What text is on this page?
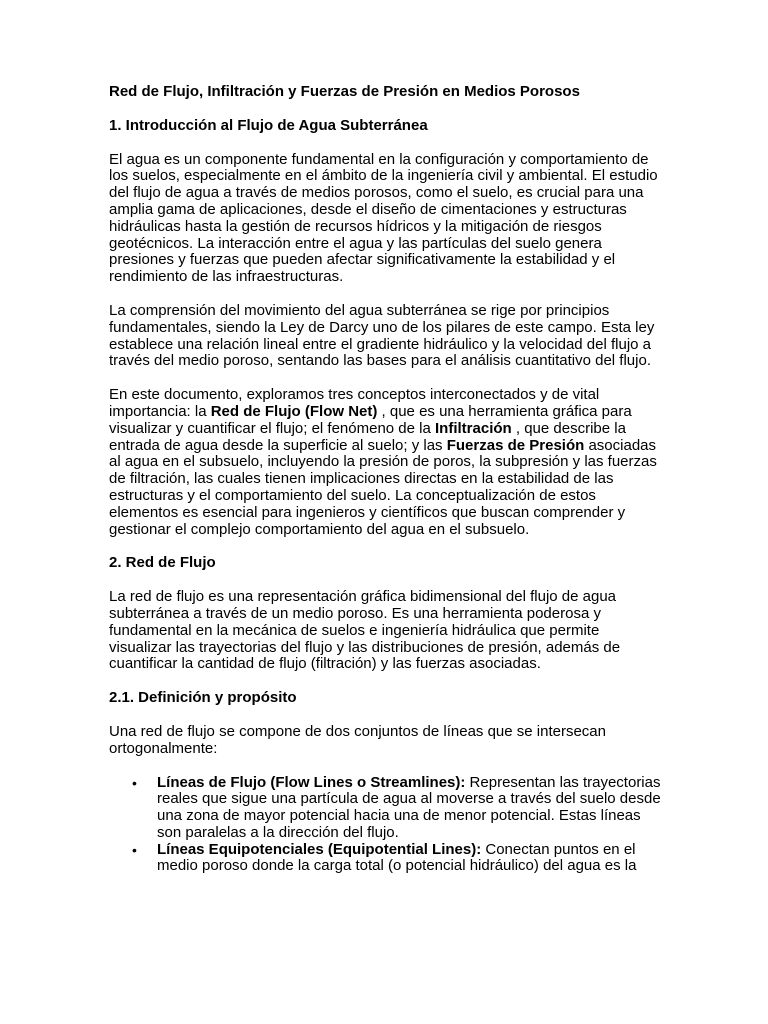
Red de Flujo, Infiltración y Fuerzas de Presión en Medios Porosos
1. Introducción al Flujo de Agua Subterránea

El agua es un componente fundamental en la configuración y comportamiento de los suelos, especialmente en el ámbito de la ingeniería civil y ambiental. El estudio del flujo de agua a través de medios porosos, como el suelo, es crucial para una amplia gama de aplicaciones, desde el diseño de cimentaciones y estructuras hidráulicas hasta la gestión de recursos hídricos y la mitigación de riesgos geotécnicos. La interacción entre el agua y las partículas del suelo genera presiones y fuerzas que pueden afectar significativamente la estabilidad y el rendimiento de las infraestructuras.

La comprensión del movimiento del agua subterránea se rige por principios fundamentales, siendo la Ley de Darcy uno de los pilares de este campo. Esta ley establece una relación lineal entre el gradiente hidráulico y la velocidad del flujo a través del medio poroso, sentando las bases para el análisis cuantitativo del flujo.

En este documento, exploramos tres conceptos interconectados y de vital importancia: la Red de Flujo (Flow Net) , que es una herramienta gráfica para visualizar y cuantificar el flujo; el fenómeno de la Infiltración , que describe la entrada de agua desde la superficie al suelo; y las Fuerzas de Presión asociadas al agua en el subsuelo, incluyendo la presión de poros, la subpresión y las fuerzas de filtración, las cuales tienen implicaciones directas en la estabilidad de las estructuras y el comportamiento del suelo. La conceptualización de estos elementos es esencial para ingenieros y científicos que buscan comprender y gestionar el complejo comportamiento del agua en el subsuelo.

2. Red de Flujo

La red de flujo es una representación gráfica bidimensional del flujo de agua subterránea a través de un medio poroso. Es una herramienta poderosa y fundamental en la mecánica de suelos e ingeniería hidráulica que permite visualizar las trayectorias del flujo y las distribuciones de presión, además de cuantificar la cantidad de flujo (filtración) y las fuerzas asociadas.

2.1. Definición y propósito

Una red de flujo se compone de dos conjuntos de líneas que se intersecan ortogonalmente:

• Líneas de Flujo (Flow Lines o Streamlines): Representan las trayectorias reales que sigue una partícula de agua al moverse a través del suelo desde una zona de mayor potencial hacia una de menor potencial. Estas líneas son paralelas a la dirección del flujo.
• Líneas Equipotenciales (Equipotential Lines): Conectan puntos en el medio poroso donde la carga total (o potencial hidráulico) del agua es la
